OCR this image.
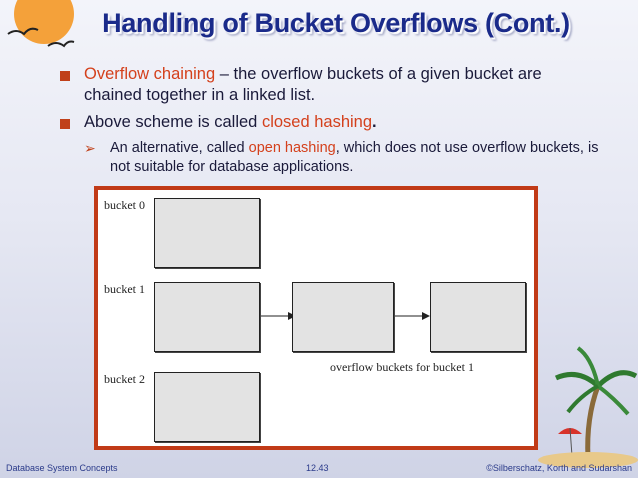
Handling of Bucket Overflows (Cont.)
Overflow chaining – the overflow buckets of a given bucket are chained together in a linked list.
Above scheme is called closed hashing.
➢ An alternative, called open hashing, which does not use overflow buckets, is not suitable for database applications.
bucket 0
bucket 1
overflow buckets for bucket 1
bucket 2
Database System Concepts	12.43	©Silberschatz, Korth and Sudarshan
